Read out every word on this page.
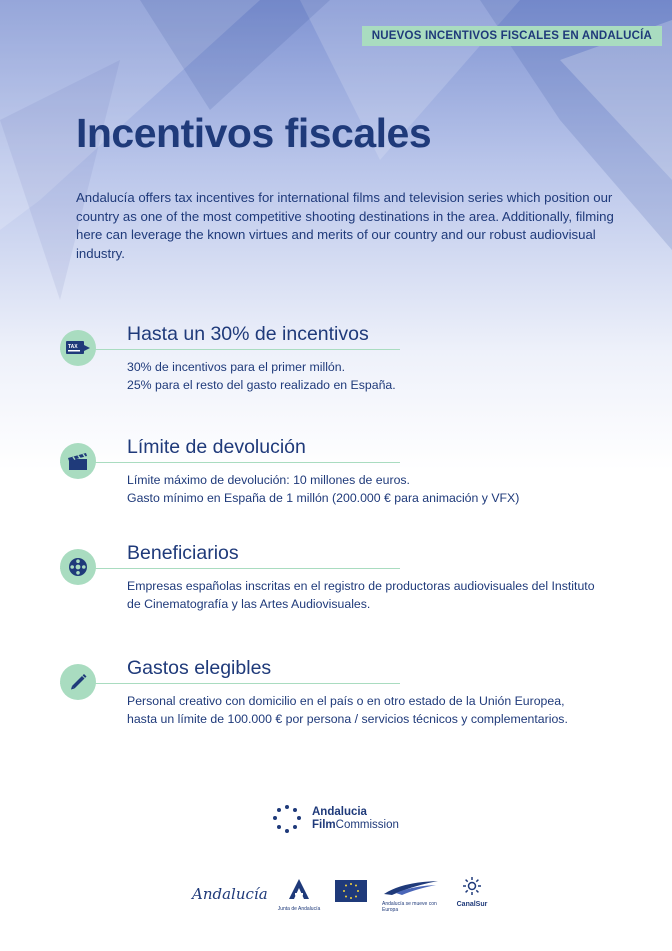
NUEVOS INCENTIVOS FISCALES EN ANDALUCÍA
Incentivos fiscales

Andalucía offers tax incentives for international films and television series which position our country as one of the most competitive shooting destinations in the area. Additionally, filming here can leverage the known virtues and merits of our country and our robust audiovisual industry.

TAX
Hasta un 30% de incentivos

30% de incentivos para el primer millón.

25% para el resto del gasto realizado en España.

Límite de devolución

Límite máximo de devolución: 10 millones de euros.

Gasto mínimo en España de 1 millón (200.000 € para animación y VFX)

Beneficiarios

Empresas españolas inscritas en el registro de productoras audiovisuales del Instituto de Cinematografía y las Artes Audiovisuales.

Gastos elegibles

Personal creativo con domicilio en el país o en otro estado de la Unión Europea, hasta un límite de 100.000 € por persona / servicios técnicos y complementarios.

Andalucia
FilmCommission
Andalucía
Junta de Andalucía
Andalucía se mueve con Europa
CanalSur
